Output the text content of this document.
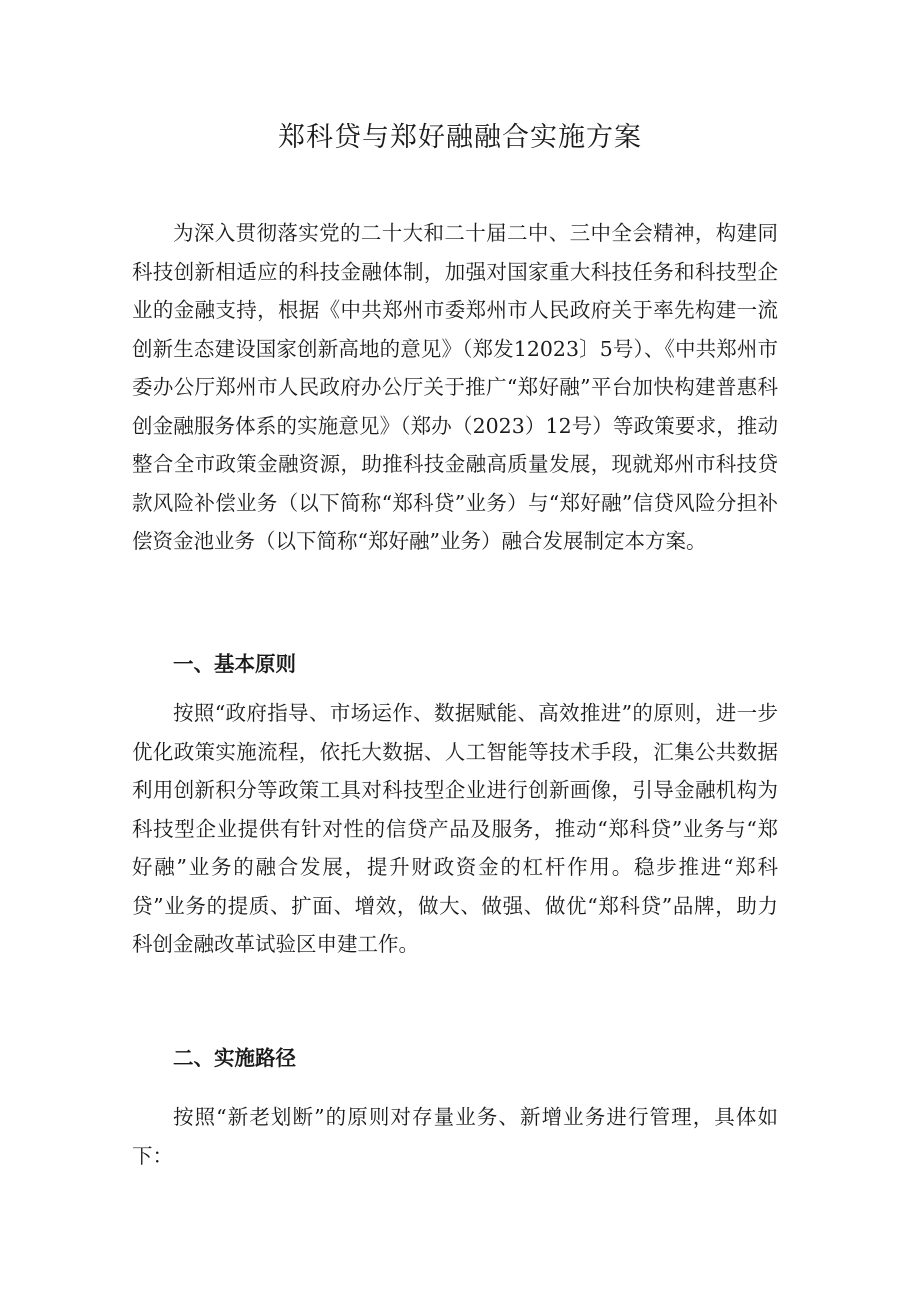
郑科贷与郑好融融合实施方案

为深入贯彻落实党的二十大和二十届二中、三中全会精神，构建同科技创新相适应的科技金融体制，加强对国家重大科技任务和科技型企业的金融支持，根据《中共郑州市委郑州市人民政府关于率先构建一流创新生态建设国家创新高地的意见》（郑发12023〕5号）、《中共郑州市委办公厅郑州市人民政府办公厅关于推广“郑好融”平台加快构建普惠科创金融服务体系的实施意见》（郑办（2023）12号）等政策要求，推动整合全市政策金融资源，助推科技金融高质量发展，现就郑州市科技贷款风险补偿业务（以下简称“郑科贷”业务）与“郑好融”信贷风险分担补偿资金池业务（以下简称“郑好融”业务）融合发展制定本方案。

一、基本原则

按照“政府指导、市场运作、数据赋能、高效推进”的原则，进一步优化政策实施流程，依托大数据、人工智能等技术手段，汇集公共数据利用创新积分等政策工具对科技型企业进行创新画像，引导金融机构为科技型企业提供有针对性的信贷产品及服务，推动“郑科贷”业务与“郑好融”业务的融合发展，提升财政资金的杠杆作用。稳步推进“郑科贷”业务的提质、扩面、增效，做大、做强、做优“郑科贷”品牌，助力科创金融改革试验区申建工作。

二、实施路径

按照“新老划断”的原则对存量业务、新增业务进行管理，具体如下：
